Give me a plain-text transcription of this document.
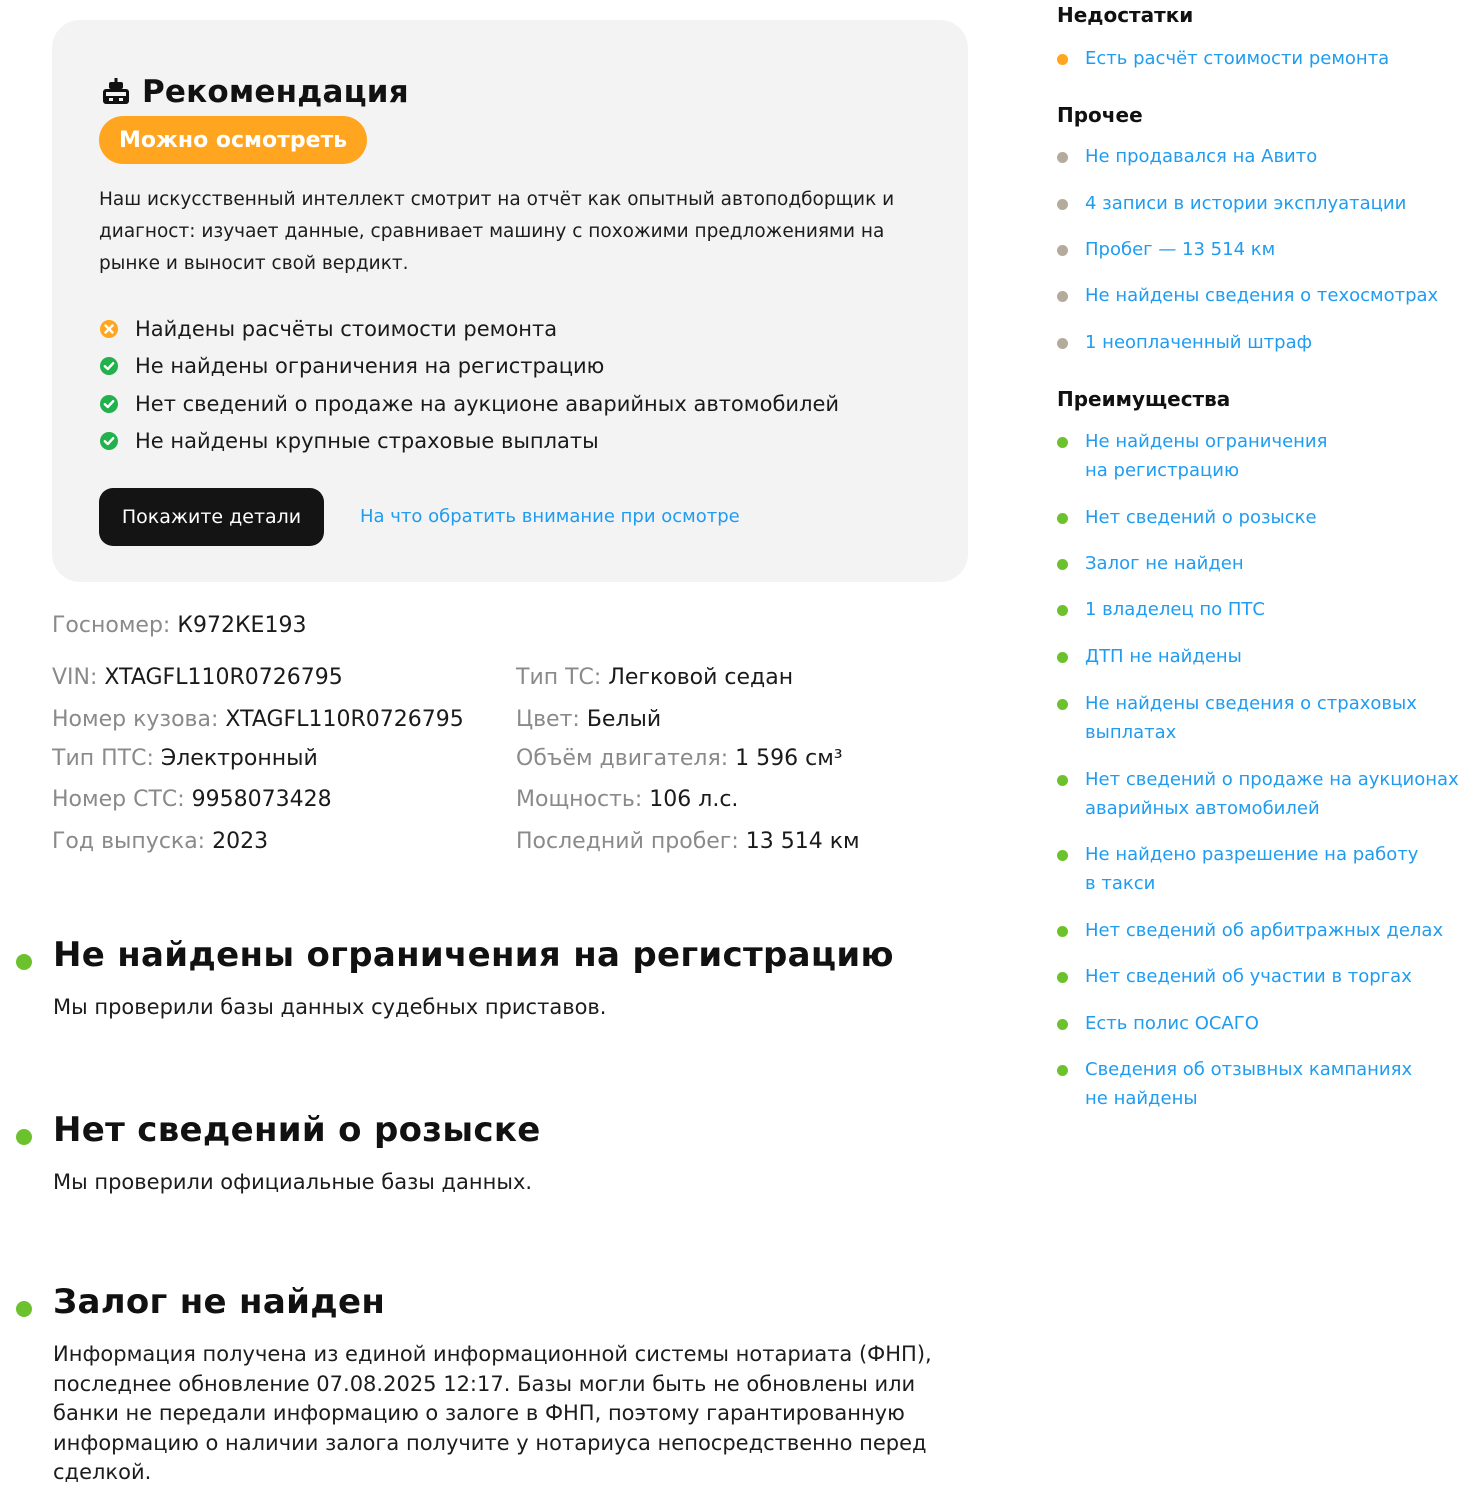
Рекомендация
Можно осмотреть
Наш искусственный интеллект смотрит на отчёт как опытный автоподборщик и диагност: изучает данные, сравнивает машину с похожими предложениями на рынке и выносит свой вердикт.
Найдены расчёты стоимости ремонта
Не найдены ограничения на регистрацию
Нет сведений о продаже на аукционе аварийных автомобилей
Не найдены крупные страховые выплаты
Покажите детали	На что обратить внимание при осмотре
Госномер: К972КЕ193
VIN: XTAGFL110R0726795
Номер кузова: XTAGFL110R0726795
Тип ПТС: Электронный
Номер СТС: 9958073428
Год выпуска: 2023
Тип ТС: Легковой седан
Цвет: Белый
Объём двигателя: 1 596 см³
Мощность: 106 л.с.
Последний пробег: 13 514 км
Не найдены ограничения на регистрацию

Мы проверили базы данных судебных приставов.

Нет сведений о розыске

Мы проверили официальные базы данных.

Залог не найден

Информация получена из единой информационной системы нотариата (ФНП), последнее обновление 07.08.2025 12:17. Базы могли быть не обновлены или банки не передали информацию о залоге в ФНП, поэтому гарантированную информацию о наличии залога получите у нотариуса непосредственно перед сделкой.

Недостатки
Есть расчёт стоимости ремонта
Прочее
Не продавался на Авито
4 записи в истории эксплуатации
Пробег — 13 514 км
Не найдены сведения о техосмотрах
1 неоплаченный штраф
Преимущества
Не найдены ограничения на регистрацию
Нет сведений о розыске
Залог не найден
1 владелец по ПТС
ДТП не найдены
Не найдены сведения о страховых выплатах
Нет сведений о продаже на аукционах аварийных автомобилей
Не найдено разрешение на работу в такси
Нет сведений об арбитражных делах
Нет сведений об участии в торгах
Есть полис ОСАГО
Сведения об отзывных кампаниях не найдены
